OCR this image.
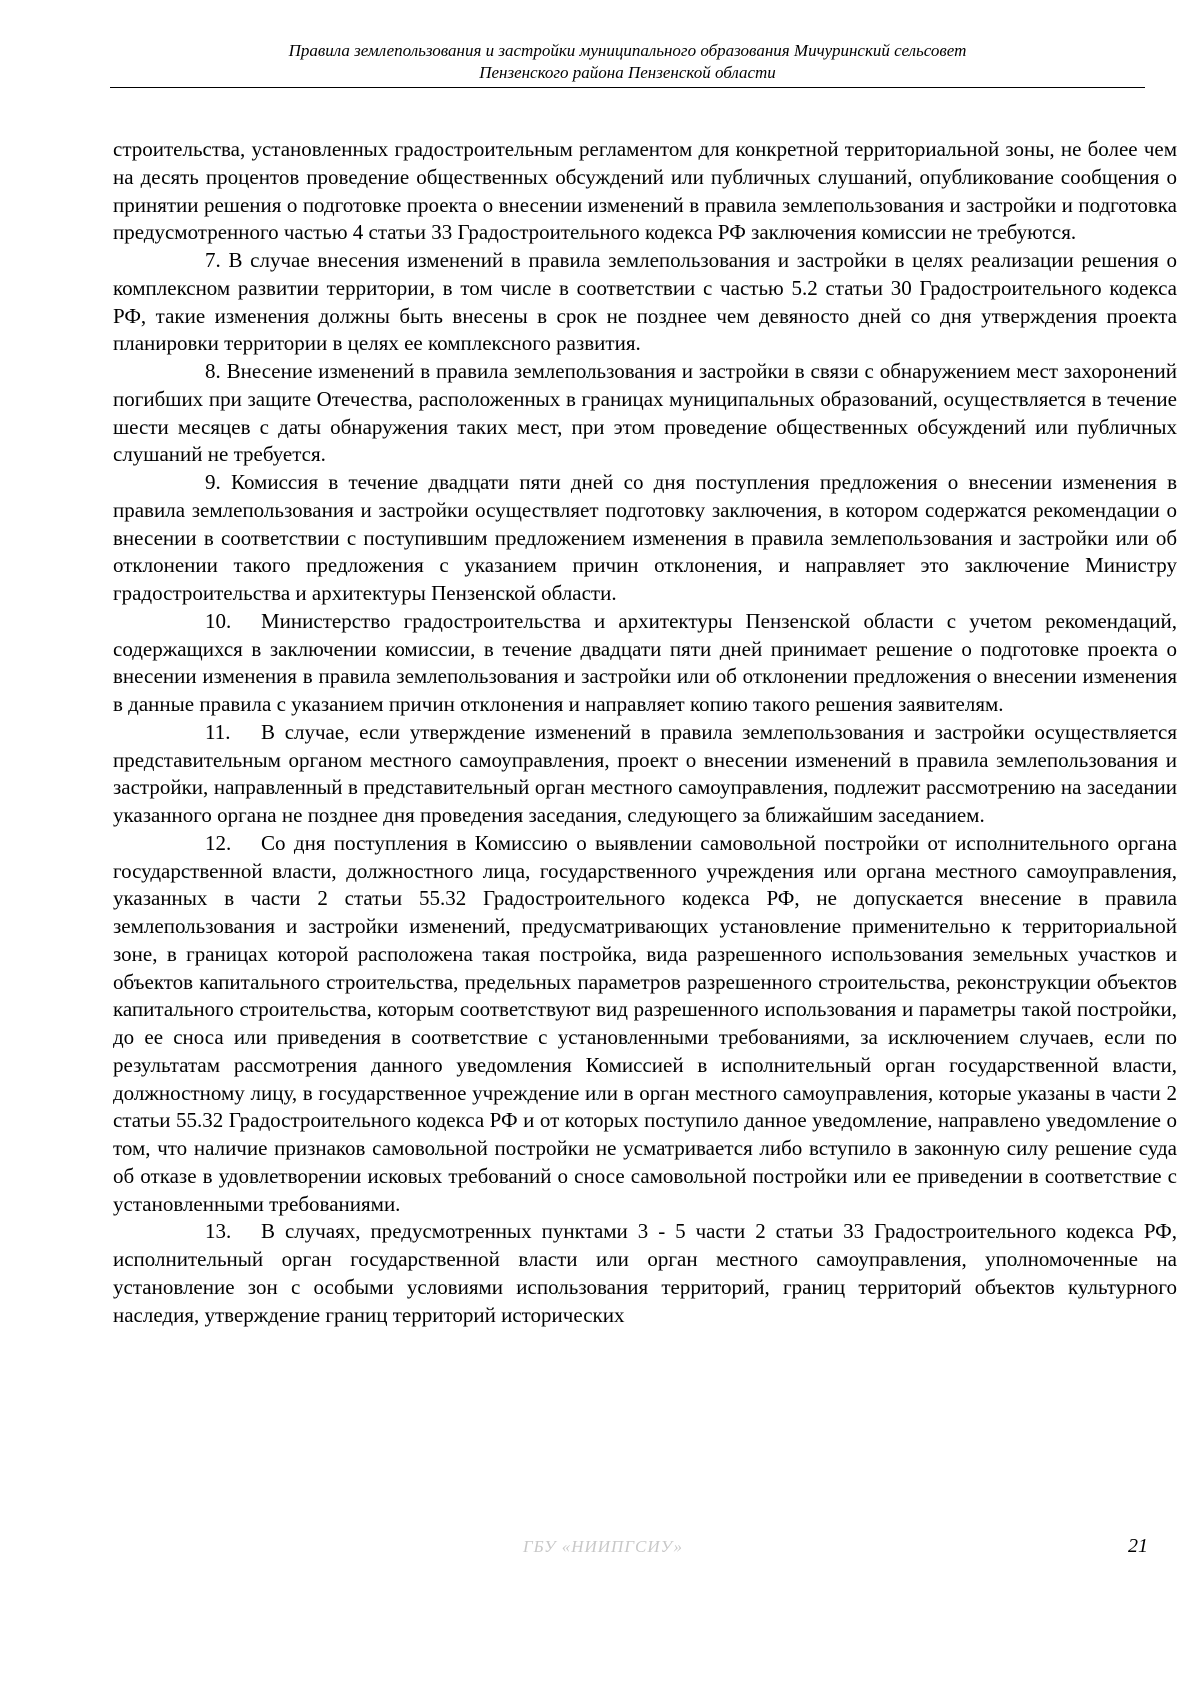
Правила землепользования и застройки муниципального образования Мичуринский сельсовет
Пензенского района Пензенской области

строительства, установленных градостроительным регламентом для конкретной территориальной зоны, не более чем на десять процентов проведение общественных обсуждений или публичных слушаний, опубликование сообщения о принятии решения о подготовке проекта о внесении изменений в правила землепользования и застройки и подготовка предусмотренного частью 4 статьи 33 Градостроительного кодекса РФ заключения комиссии не требуются.

7. В случае внесения изменений в правила землепользования и застройки в целях реализации решения о комплексном развитии территории, в том числе в соответствии с частью 5.2 статьи 30 Градостроительного кодекса РФ, такие изменения должны быть внесены в срок не позднее чем девяносто дней со дня утверждения проекта планировки территории в целях ее комплексного развития.

8. Внесение изменений в правила землепользования и застройки в связи с обнаружением мест захоронений погибших при защите Отечества, расположенных в границах муниципальных образований, осуществляется в течение шести месяцев с даты обнаружения таких мест, при этом проведение общественных обсуждений или публичных слушаний не требуется.

9. Комиссия в течение двадцати пяти дней со дня поступления предложения о внесении изменения в правила землепользования и застройки осуществляет подготовку заключения, в котором содержатся рекомендации о внесении в соответствии с поступившим предложением изменения в правила землепользования и застройки или об отклонении такого предложения с указанием причин отклонения, и направляет это заключение Министру градостроительства и архитектуры Пензенской области.

10. Министерство градостроительства и архитектуры Пензенской области с учетом рекомендаций, содержащихся в заключении комиссии, в течение двадцати пяти дней принимает решение о подготовке проекта о внесении изменения в правила землепользования и застройки или об отклонении предложения о внесении изменения в данные правила с указанием причин отклонения и направляет копию такого решения заявителям.

11. В случае, если утверждение изменений в правила землепользования и застройки осуществляется представительным органом местного самоуправления, проект о внесении изменений в правила землепользования и застройки, направленный в представительный орган местного самоуправления, подлежит рассмотрению на заседании указанного органа не позднее дня проведения заседания, следующего за ближайшим заседанием.

12. Со дня поступления в Комиссию о выявлении самовольной постройки от исполнительного органа государственной власти, должностного лица, государственного учреждения или органа местного самоуправления, указанных в части 2 статьи 55.32 Градостроительного кодекса РФ, не допускается внесение в правила землепользования и застройки изменений, предусматривающих установление применительно к территориальной зоне, в границах которой расположена такая постройка, вида разрешенного использования земельных участков и объектов капитального строительства, предельных параметров разрешенного строительства, реконструкции объектов капитального строительства, которым соответствуют вид разрешенного использования и параметры такой постройки, до ее сноса или приведения в соответствие с установленными требованиями, за исключением случаев, если по результатам рассмотрения данного уведомления Комиссией в исполнительный орган государственной власти, должностному лицу, в государственное учреждение или в орган местного самоуправления, которые указаны в части 2 статьи 55.32 Градостроительного кодекса РФ и от которых поступило данное уведомление, направлено уведомление о том, что наличие признаков самовольной постройки не усматривается либо вступило в законную силу решение суда об отказе в удовлетворении исковых требований о сносе самовольной постройки или ее приведении в соответствие с установленными требованиями.

13. В случаях, предусмотренных пунктами 3 - 5 части 2 статьи 33 Градостроительного кодекса РФ, исполнительный орган государственной власти или орган местного самоуправления, уполномоченные на установление зон с особыми условиями использования территорий, границ территорий объектов культурного наследия, утверждение границ территорий исторических

ГБУ «НИИПГСИУ»	21
